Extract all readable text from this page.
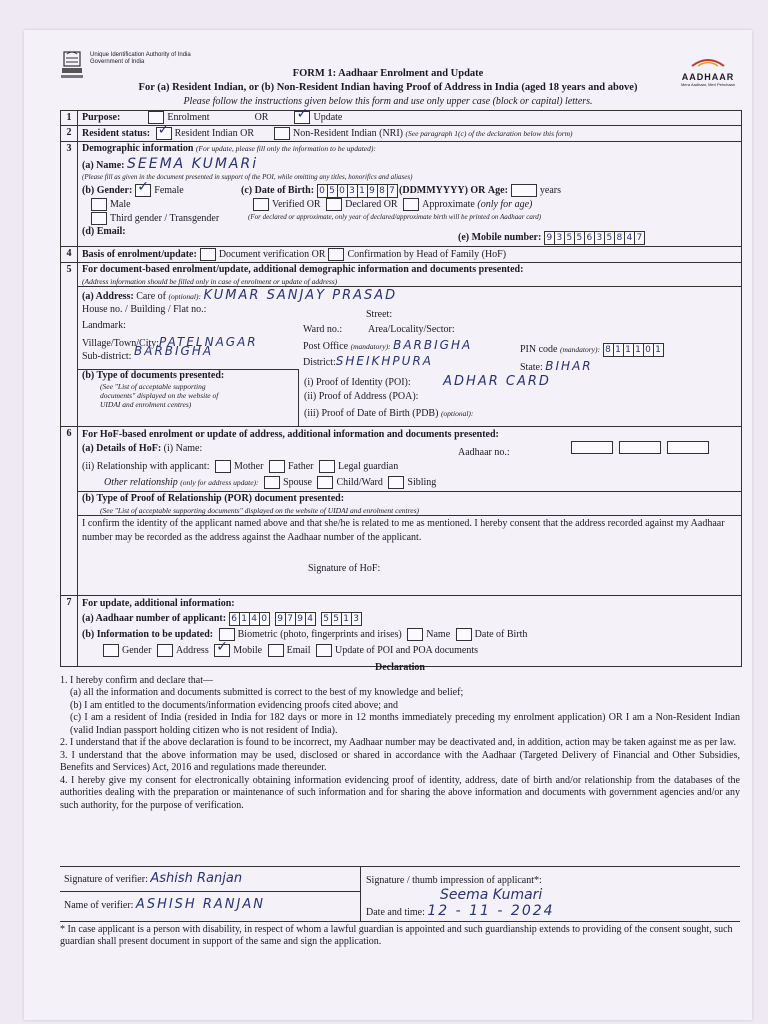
Unique Identification Authority of India
Government of India
AADHAAR
Mera Aadhaar, Meri Pehchaan
FORM 1: Aadhaar Enrolment and Update
For (a) Resident Indian, or (b) Non-Resident Indian having Proof of Address in India (aged 18 years and above)
Please follow the instructions given below this form and use only upper case (block or capital) letters.
1	Purpose:	Enrolment	OR ✓	Update
2	Resident status: ✓ Resident Indian OR	Non-Resident Indian (NRI) (See paragraph 1(c) of the declaration below this form)
3	Demographic information (For update, please fill only the information to be updated):
(a) Name: SEEMA KUMARi
(Please fill as given in the document presented in support of the POI, while omitting any titles, honorifics and aliases)
(b) Gender: ✓ Female
Male
Third gender / Transgender
(c) Date of Birth: 0 5 0 3 1 9 8 7 (DDMMYYYY) OR Age:	years
Verified OR Declared OR Approximate (only for age)
(For declared or approximate, only year of declared/approximate birth will be printed on Aadhaar card)
(d) Email:
(e) Mobile number: 9 3 5 5 6 3 5 8 4 7
4	Basis of enrolment/update: Document verification OR Confirmation by Head of Family (HoF)
5	For document-based enrolment/update, additional demographic information and documents presented:
(Address information should be filled only in case of enrolment or update of address)
(a) Address: Care of (optional): KUMAR SANJAY PRASAD
House no. / Building / Flat no.:	Street:
Landmark:	Ward no.:	Area/Locality/Sector:
Village/Town/City:PATELNAGAR	Post Office (mandatory): BARBIGHA	PIN code (mandatory): 8 1 1 1 0 1
Sub-district: BARBIGHA
District:SHEIKHPURA	State: BIHAR
(b) Type of documents presented:
(See "List of acceptable supporting
documents" displayed on the website of
UIDAI and enrolment centres)
(i) Proof of Identity (POI):	ADHAR CARD
(ii) Proof of Address (POA):
(iii) Proof of Date of Birth (PDB) (optional):
6	For HoF-based enrolment or update of address, additional information and documents presented:
(a) Details of HoF: (i) Name:	Aadhaar no.:
(ii) Relationship with applicant: Mother Father Legal guardian
Other relationship (only for address update): Spouse Child/Ward Sibling
(b) Type of Proof of Relationship (POR) document presented:
(See "List of acceptable supporting documents" displayed on the website of UIDAI and enrolment centres)
I confirm the identity of the applicant named above and that she/he is related to me as mentioned. I hereby consent that the address recorded against my Aadhaar number may be recorded as the address against the Aadhaar number of the applicant.
Signature of HoF:
7	For update, additional information:
(a) Aadhaar number of applicant: 6 1 4 0 9 7 9 4 5 5 1 3
(b) Information to be updated: Biometric (photo, fingerprints and irises) Name Date of Birth
Gender Address ✓ Mobile Email Update of POI and POA documents
Declaration

1. I hereby confirm and declare that—

(a) all the information and documents submitted is correct to the best of my knowledge and belief;

(b) I am entitled to the documents/information evidencing proofs cited above; and

(c) I am a resident of India (resided in India for 182 days or more in 12 months immediately preceding my enrolment application) OR I am a Non-Resident Indian (valid Indian passport holding citizen who is not resident of India).

2. I understand that if the above declaration is found to be incorrect, my Aadhaar number may be deactivated and, in addition, action may be taken against me as per law.

3. I understand that the above information may be used, disclosed or shared in accordance with the Aadhaar (Targeted Delivery of Financial and Other Subsidies, Benefits and Services) Act, 2016 and regulations made thereunder.

4. I hereby give my consent for electronically obtaining information evidencing proof of identity, address, date of birth and/or relationship from the databases of the authorities dealing with the preparation or maintenance of such information and for sharing the above information and documents with government agencies and/or any such authority, for the purpose of verification.

Signature of verifier: Ashish Ranjan	Signature / thumb impression of applicant*:
Seema Kumari
Name of verifier: ASHISH RANJAN
Date and time: 12 - 11 - 2024
* In case applicant is a person with disability, in respect of whom a lawful guardian is appointed and such guardianship extends to providing of the consent sought, such guardian shall present document in support of the same and sign the application.
